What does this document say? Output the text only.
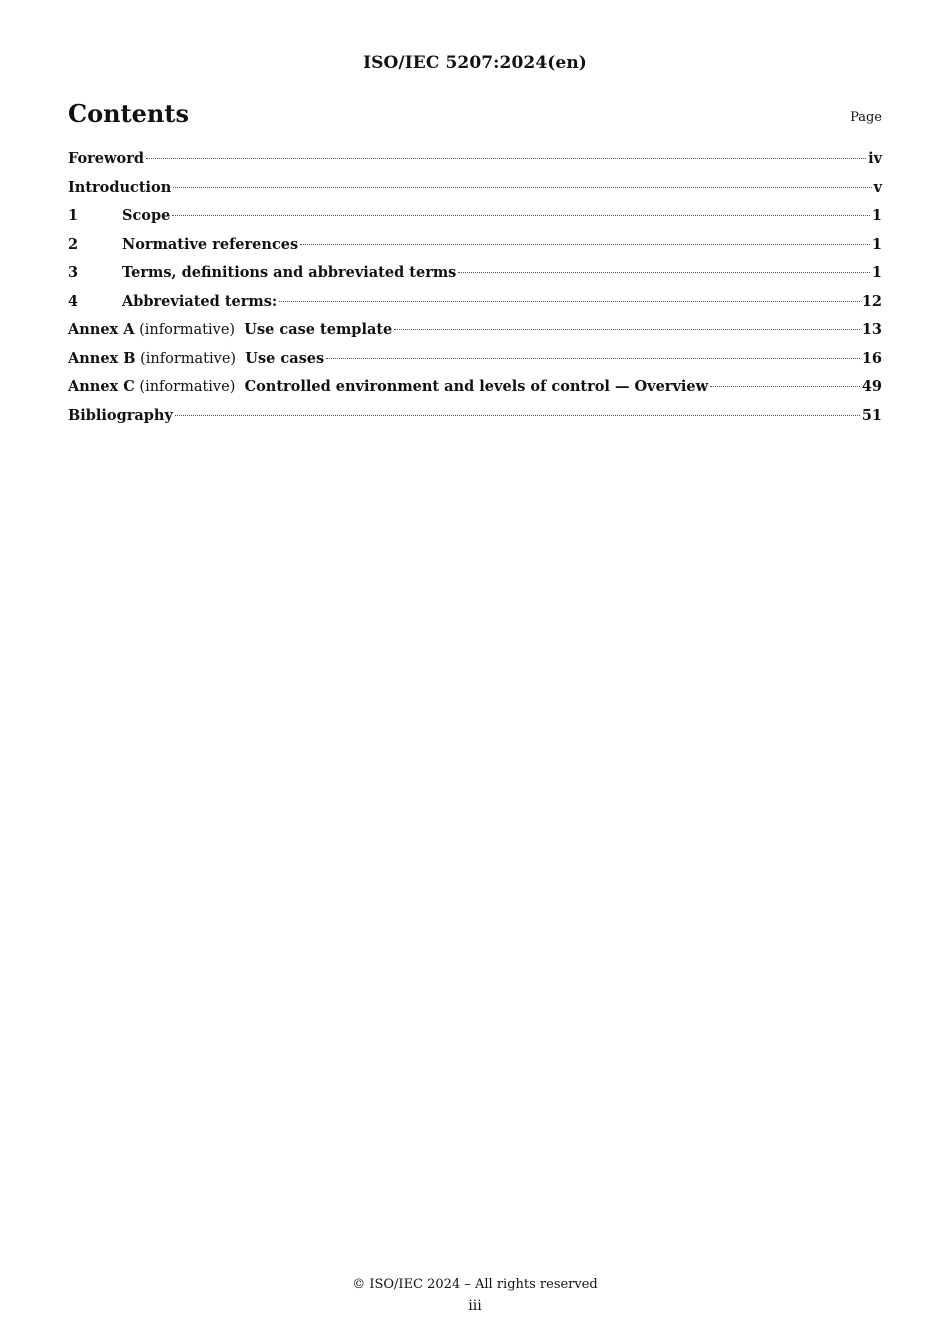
ISO/IEC 5207:2024(en)
Contents	Page
Foreword	iv
Introduction	v
1	Scope	1
2	Normative references	1
3	Terms, definitions and abbreviated terms	1
4	Abbreviated terms:	12
Annex A (informative) Use case template	13
Annex B (informative) Use cases	16
Annex C (informative) Controlled environment and levels of control — Overview	49
Bibliography	51
© ISO/IEC 2024 – All rights reserved
iii
